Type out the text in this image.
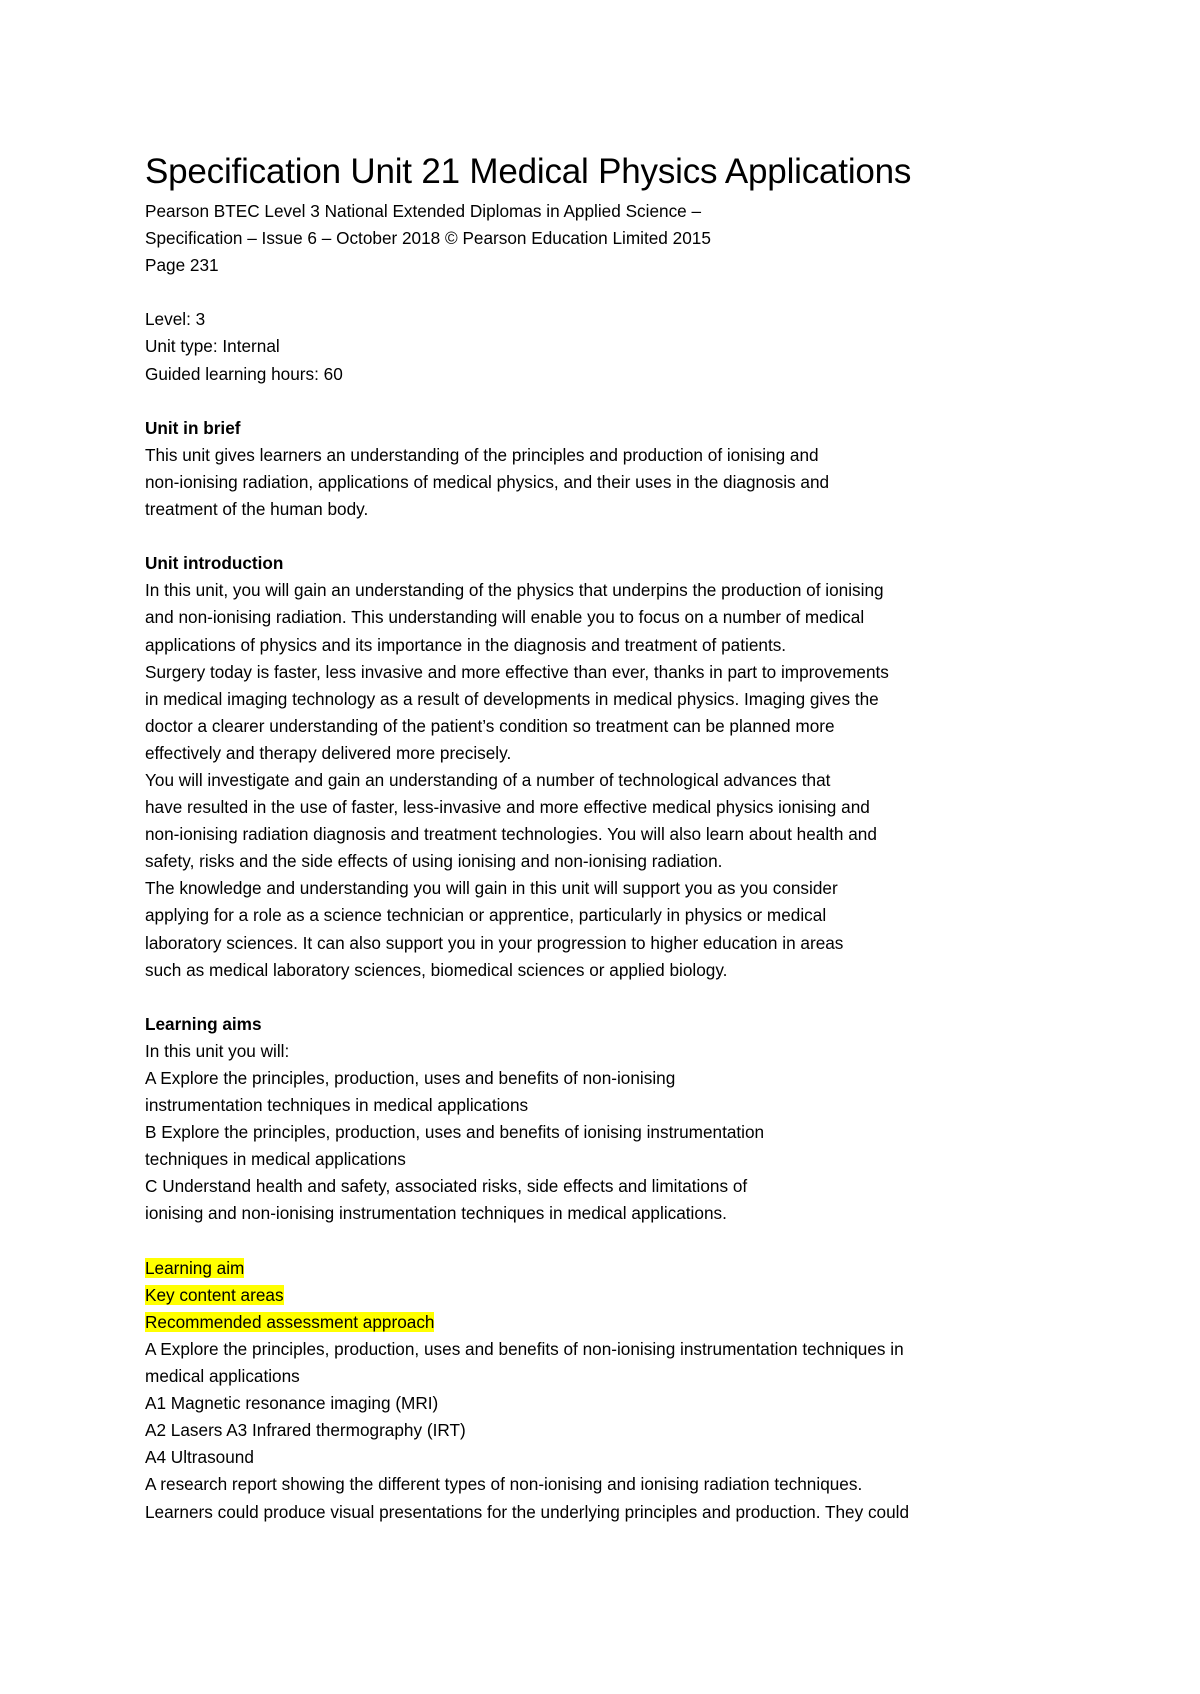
Specification Unit 21 Medical Physics Applications
Pearson BTEC Level 3 National Extended Diplomas in Applied Science –
Specification – Issue 6 – October 2018 © Pearson Education Limited 2015
Page 231
Level: 3
Unit type: Internal
Guided learning hours: 60
Unit in brief
This unit gives learners an understanding of the principles and production of ionising and
non-ionising radiation, applications of medical physics, and their uses in the diagnosis and
treatment of the human body.
Unit introduction
In this unit, you will gain an understanding of the physics that underpins the production of ionising
and non-ionising radiation. This understanding will enable you to focus on a number of medical
applications of physics and its importance in the diagnosis and treatment of patients.
Surgery today is faster, less invasive and more effective than ever, thanks in part to improvements
in medical imaging technology as a result of developments in medical physics. Imaging gives the
doctor a clearer understanding of the patient’s condition so treatment can be planned more
effectively and therapy delivered more precisely.
You will investigate and gain an understanding of a number of technological advances that
have resulted in the use of faster, less-invasive and more effective medical physics ionising and
non-ionising radiation diagnosis and treatment technologies. You will also learn about health and
safety, risks and the side effects of using ionising and non-ionising radiation.
The knowledge and understanding you will gain in this unit will support you as you consider
applying for a role as a science technician or apprentice, particularly in physics or medical
laboratory sciences. It can also support you in your progression to higher education in areas
such as medical laboratory sciences, biomedical sciences or applied biology.
Learning aims
In this unit you will:
A Explore the principles, production, uses and benefits of non-ionising
instrumentation techniques in medical applications
B Explore the principles, production, uses and benefits of ionising instrumentation
techniques in medical applications
C Understand health and safety, associated risks, side effects and limitations of
ionising and non-ionising instrumentation techniques in medical applications.
Learning aim
Key content areas
Recommended assessment approach
A Explore the principles, production, uses and benefits of non-ionising instrumentation techniques in
medical applications
A1 Magnetic resonance imaging (MRI)
A2 Lasers A3 Infrared thermography (IRT)
A4 Ultrasound
A research report showing the different types of non-ionising and ionising radiation techniques.
Learners could produce visual presentations for the underlying principles and production. They could
